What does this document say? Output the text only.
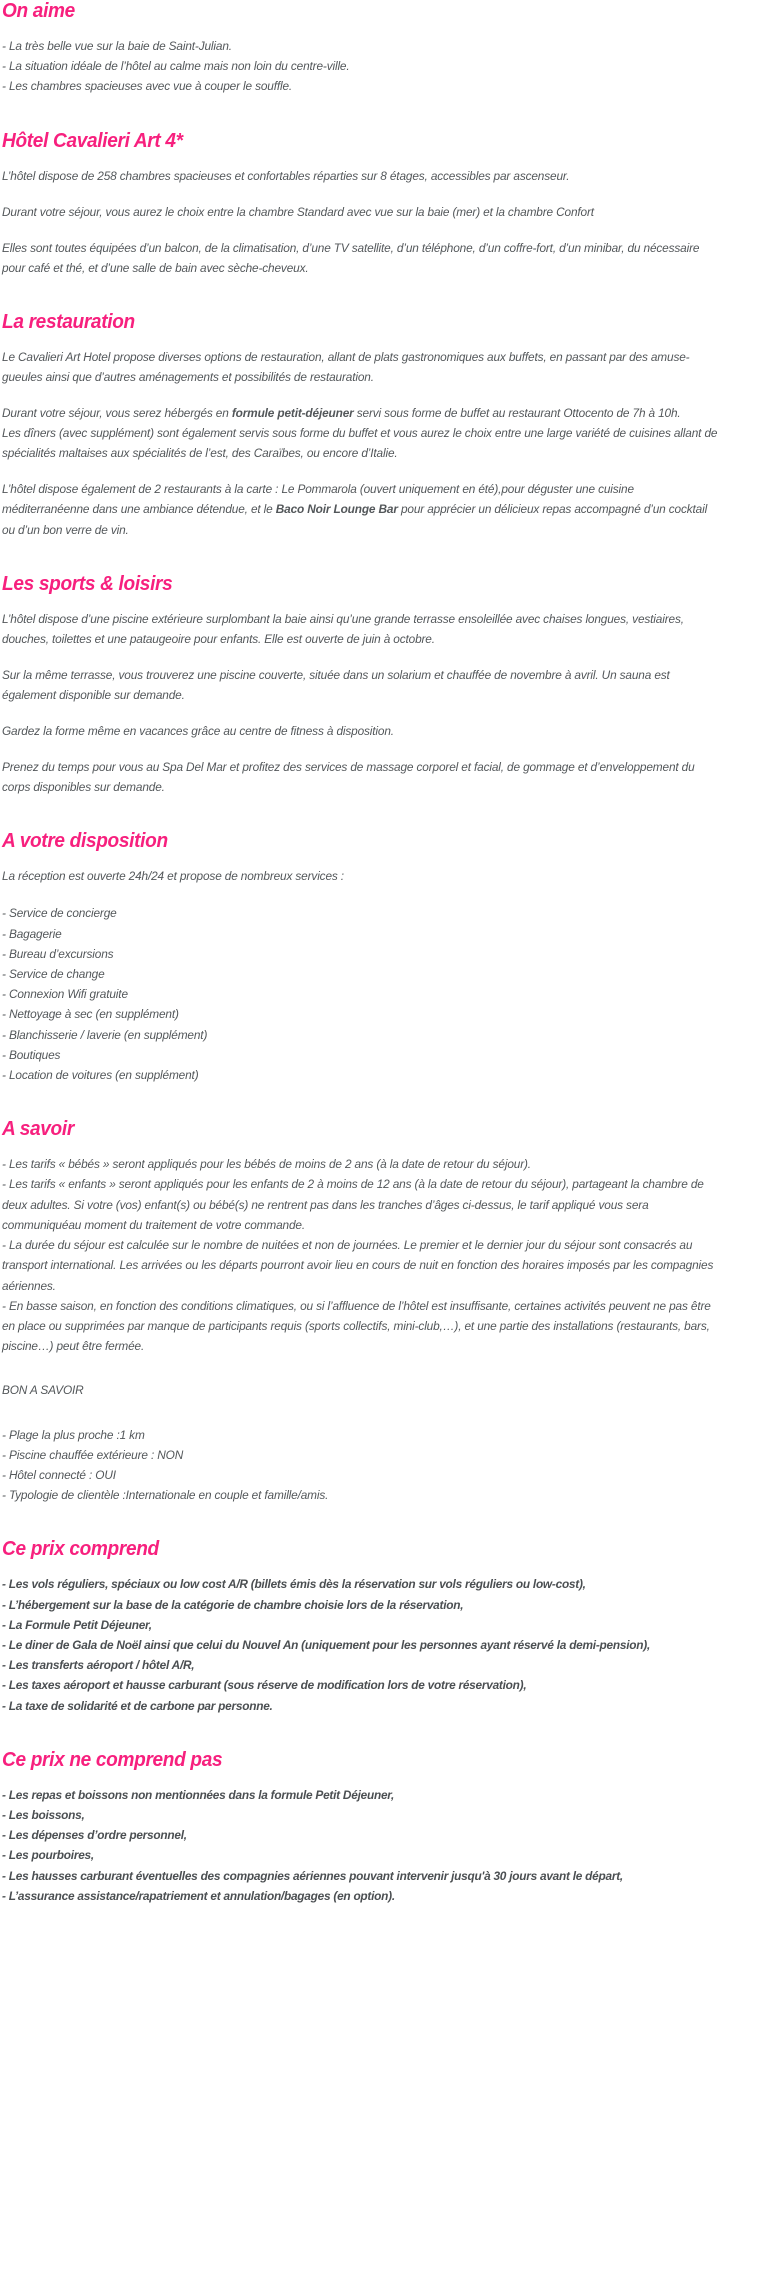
On aime

- La très belle vue sur la baie de Saint-Julian.

- La situation idéale de l’hôtel au calme mais non loin du centre-ville.

- Les chambres spacieuses avec vue à couper le souffle.

Hôtel Cavalieri Art 4*

L’hôtel dispose de 258 chambres spacieuses et confortables réparties sur 8 étages, accessibles par ascenseur.

Durant votre séjour, vous aurez le choix entre la chambre Standard avec vue sur la baie (mer) et la chambre Confort

Elles sont toutes équipées d’un balcon, de la climatisation, d’une TV satellite, d’un téléphone, d’un coffre-fort, d’un minibar, du nécessaire pour café et thé, et d’une salle de bain avec sèche-cheveux.

La restauration

Le Cavalieri Art Hotel propose diverses options de restauration, allant de plats gastronomiques aux buffets, en passant par des amuse-gueules ainsi que d’autres aménagements et possibilités de restauration.

Durant votre séjour, vous serez hébergés en formule petit-déjeuner servi sous forme de buffet au restaurant Ottocento de 7h à 10h.

Les dîners (avec supplément) sont également servis sous forme du buffet et vous aurez le choix entre une large variété de cuisines allant de spécialités maltaises aux spécialités de l’est, des Caraïbes, ou encore d’Italie.

L’hôtel dispose également de 2 restaurants à la carte : Le Pommarola (ouvert uniquement en été),pour déguster une cuisine méditerranéenne dans une ambiance détendue, et le Baco Noir Lounge Bar pour apprécier un délicieux repas accompagné d’un cocktail ou d’un bon verre de vin.

Les sports & loisirs

L’hôtel dispose d’une piscine extérieure surplombant la baie ainsi qu’une grande terrasse ensoleillée avec chaises longues, vestiaires, douches, toilettes et une pataugeoire pour enfants. Elle est ouverte de juin à octobre.

Sur la même terrasse, vous trouverez une piscine couverte, située dans un solarium et chauffée de novembre à avril. Un sauna est également disponible sur demande.

Gardez la forme même en vacances grâce au centre de fitness à disposition.

Prenez du temps pour vous au Spa Del Mar et profitez des services de massage corporel et facial, de gommage et d’enveloppement du corps disponibles sur demande.

A votre disposition

La réception est ouverte 24h/24 et propose de nombreux services :

- Service de concierge

- Bagagerie

- Bureau d’excursions

- Service de change

- Connexion Wifi gratuite

- Nettoyage à sec (en supplément)

- Blanchisserie / laverie (en supplément)

- Boutiques

- Location de voitures (en supplément)

A savoir

- Les tarifs « bébés » seront appliqués pour les bébés de moins de 2 ans (à la date de retour du séjour).

- Les tarifs « enfants » seront appliqués pour les enfants de 2 à moins de 12 ans (à la date de retour du séjour), partageant la chambre de deux adultes. Si votre (vos) enfant(s) ou bébé(s) ne rentrent pas dans les tranches d’âges ci-dessus, le tarif appliqué vous sera communiquéau moment du traitement de votre commande.

- La durée du séjour est calculée sur le nombre de nuitées et non de journées. Le premier et le dernier jour du séjour sont consacrés au transport international. Les arrivées ou les départs pourront avoir lieu en cours de nuit en fonction des horaires imposés par les compagnies aériennes.

- En basse saison, en fonction des conditions climatiques, ou si l’affluence de l’hôtel est insuffisante, certaines activités peuvent ne pas être en place ou supprimées par manque de participants requis (sports collectifs, mini-club,…), et une partie des installations (restaurants, bars, piscine…) peut être fermée.

BON A SAVOIR

- Plage la plus proche :1 km

- Piscine chauffée extérieure : NON

- Hôtel connecté : OUI

- Typologie de clientèle :Internationale en couple et famille/amis.

Ce prix comprend

- Les vols réguliers, spéciaux ou low cost A/R (billets émis dès la réservation sur vols réguliers ou low-cost),

- L’hébergement sur la base de la catégorie de chambre choisie lors de la réservation,

- La Formule Petit Déjeuner,

- Le diner de Gala de Noël ainsi que celui du Nouvel An (uniquement pour les personnes ayant réservé la demi-pension),

- Les transferts aéroport / hôtel A/R,

- Les taxes aéroport et hausse carburant (sous réserve de modification lors de votre réservation),

- La taxe de solidarité et de carbone par personne.

Ce prix ne comprend pas

- Les repas et boissons non mentionnées dans la formule Petit Déjeuner,

- Les boissons,

- Les dépenses d’ordre personnel,

- Les pourboires,

- Les hausses carburant éventuelles des compagnies aériennes pouvant intervenir jusqu'à 30 jours avant le départ,

- L’assurance assistance/rapatriement et annulation/bagages (en option).
